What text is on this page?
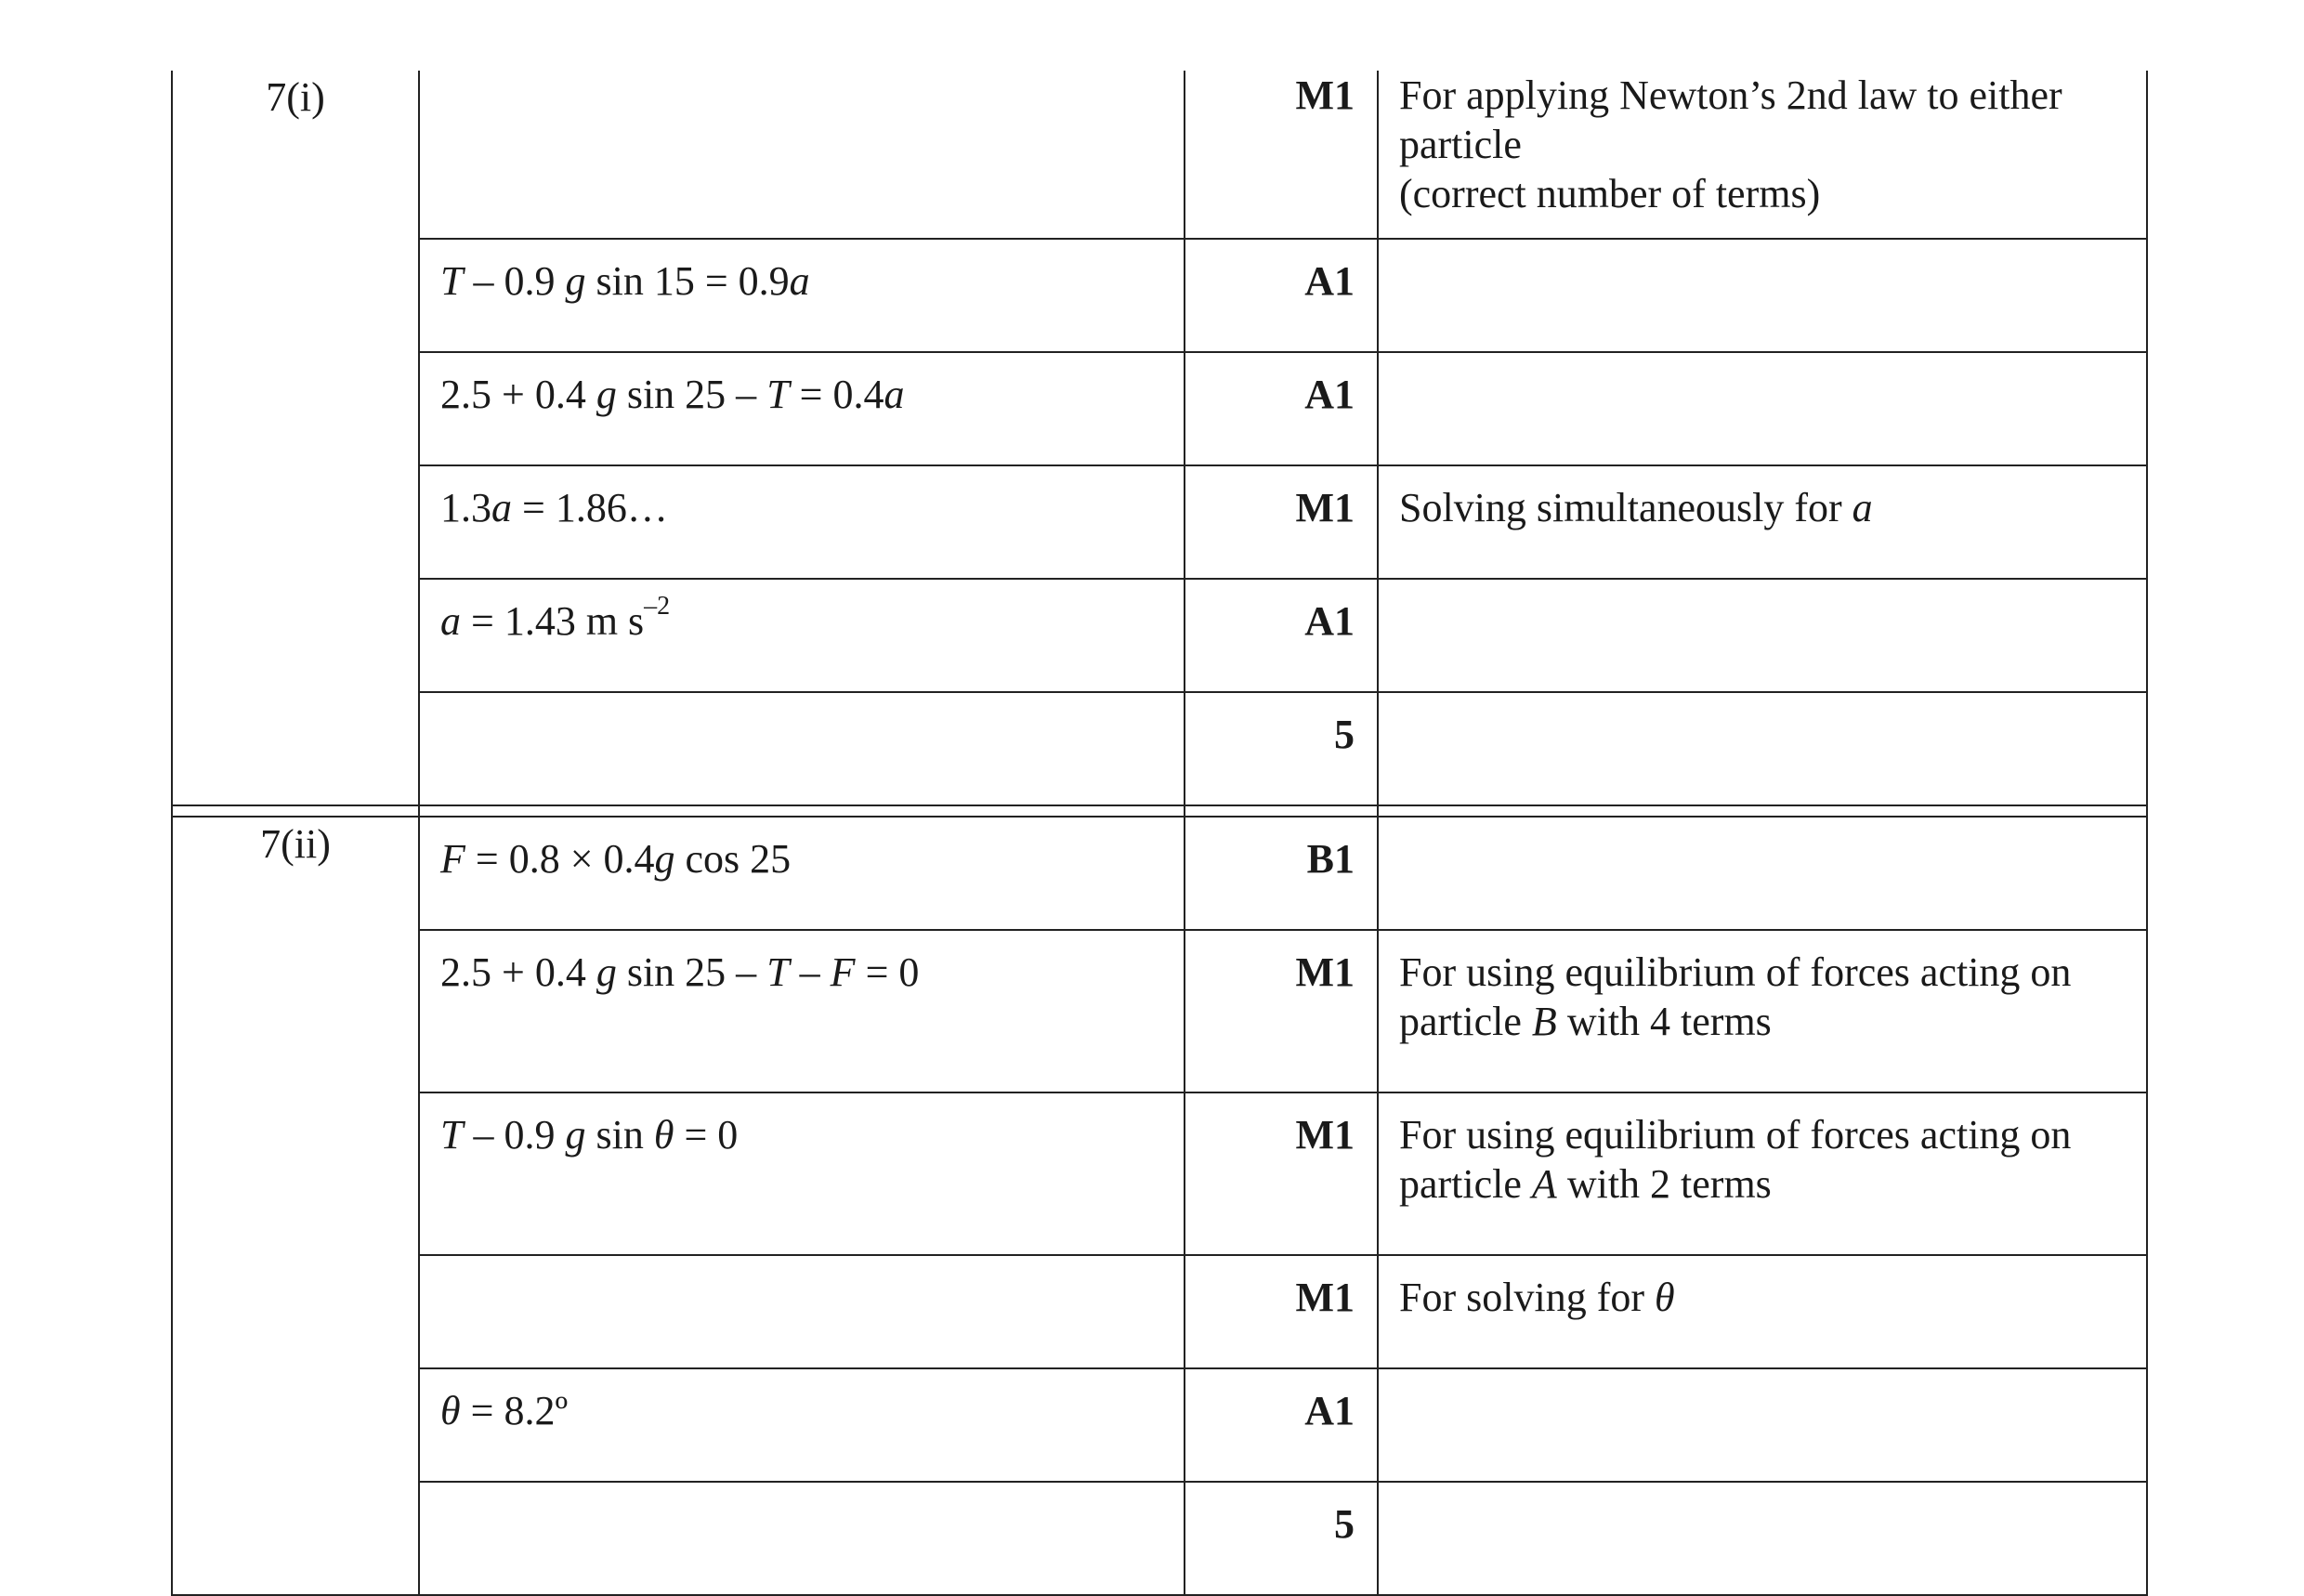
7(i)		M1	For applying Newton’s 2nd law to either
particle
(correct number of terms)

	T – 0.9 g sin 15 = 0.9a	A1	
	2.5 + 0.4 g sin 25 – T = 0.4a	A1	
	1.3a = 1.86…	M1	Solving simultaneously for a
	a = 1.43 m $s^{-2}$	A1	
		5	

7(ii)	F = 0.8 × 0.4g cos 25	B1	
	2.5 + 0.4 g sin 25 – T – F = 0	M1	For using equilibrium of forces acting on
particle B with 4 terms

	T – 0.9 g sin θ = 0	M1	For using equilibrium of forces acting on
particle A with 2 terms

		M1	For solving for θ
	θ = 8.2º	A1	
		5	
